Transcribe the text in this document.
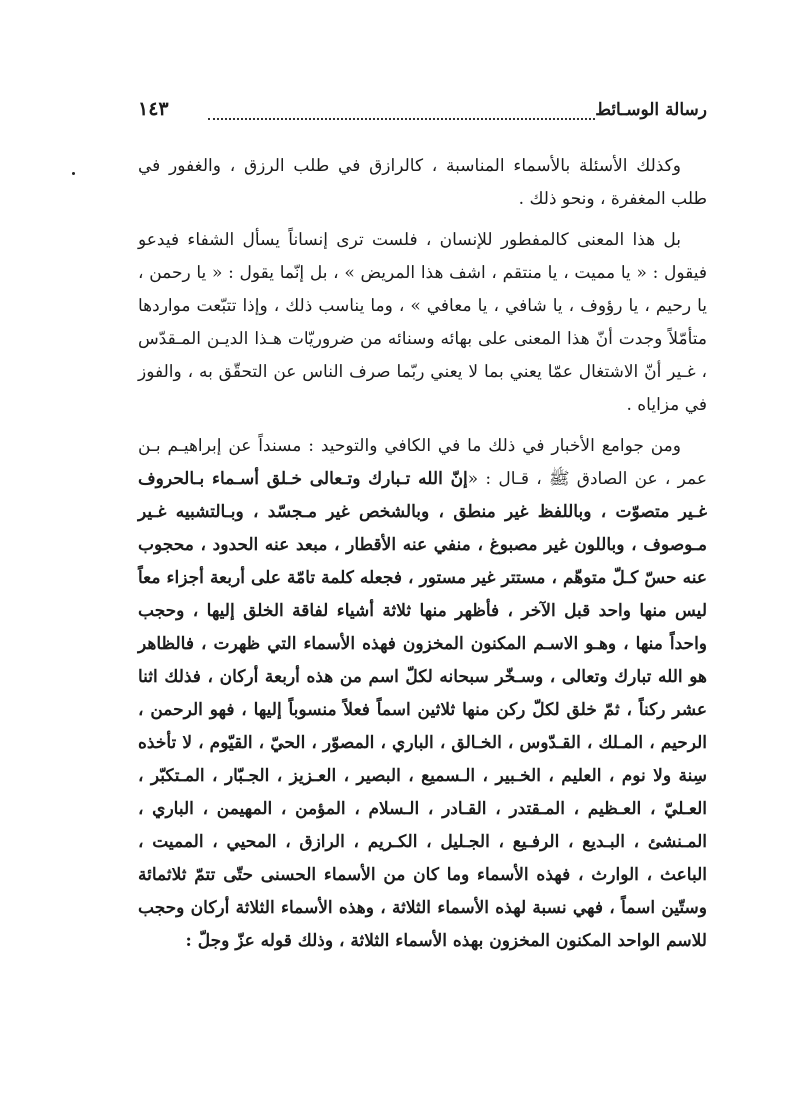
رسالة الوسـائط
١٤٣

وكذلك الأسئلة بالأسماء المناسبة ، كالرازق في طلب الرزق ، والغفور في طلب المغفرة ، ونحو ذلك .

بل هذا المعنى كالمفطور للإنسان ، فلست ترى إنساناً يسأل الشفاء فيدعو فيقول : « يا مميت ، يا منتقم ، اشف هذا المريض » ، بل إنّما يقول : « يا رحمن ، يا رحيم ، يا رؤوف ، يا شافي ، يا معافي » ، وما يناسب ذلك ، وإذا تتبّعت مواردها متأمّلاً وجدت أنّ هذا المعنى على بهائه وسنائه من ضروريّات هـذا الديـن المـقدّس ، غـير أنّ الاشتغال عمّا يعني بما لا يعني ربّما صرف الناس عن التحقّق به ، والفوز في مزاياه .

ومن جوامع الأخبار في ذلك ما في الكافي والتوحيد : مسنداً عن إبراهيـم بـن عمر ، عن الصادق ﷺ ، قـال : «إنّ الله تـبارك وتـعالى خـلق أسـماء بـالحروف غـير متصوّت ، وباللفظ غير منطق ، وبالشخص غير مـجسّد ، وبـالتشبيه غـير مـوصوف ، وباللون غير مصبوغ ، منفي عنه الأقطار ، مبعد عنه الحدود ، محجوب عنه حسّ كـلّ متوهّم ، مستتر غير مستور ، فجعله كلمة تامّة على أربعة أجزاء معاً ليس منها واحد قبل الآخر ، فأظهر منها ثلاثة أشياء لفاقة الخلق إليها ، وحجب واحداً منها ، وهـو الاسـم المكنون المخزون فهذه الأسماء التي ظهرت ، فالظاهر هو الله تبارك وتعالى ، وسـخّر سبحانه لكلّ اسم من هذه أربعة أركان ، فذلك اثنا عشر ركناً ، ثمّ خلق لكلّ ركن منها ثلاثين اسماً فعلاً منسوباً إليها ، فهو الرحمن ، الرحيم ، المـلك ، القـدّوس ، الخـالق ، الباري ، المصوّر ، الحيّ ، القيّوم ، لا تأخذه سِنة ولا نوم ، العليم ، الخـبير ، الـسميع ، البصير ، العـزيز ، الجـبّار ، المـتكبّر ، العـليّ ، العـظيم ، المـقتدر ، القـادر ، الـسلام ، المؤمن ، المهيمن ، الباري ، المـنشئ ، البـديع ، الرفـيع ، الجـليل ، الكـريم ، الرازق ، المحيي ، المميت ، الباعث ، الوارث ، فهذه الأسماء وما كان من الأسماء الحسنى حتّى تتمّ ثلاثمائة وستّين اسماً ، فهي نسبة لهذه الأسماء الثلاثة ، وهذه الأسماء الثلاثة أركان وحجب للاسم الواحد المكنون المخزون بهذه الأسماء الثلاثة ، وذلك قوله عزّ وجلّ :
